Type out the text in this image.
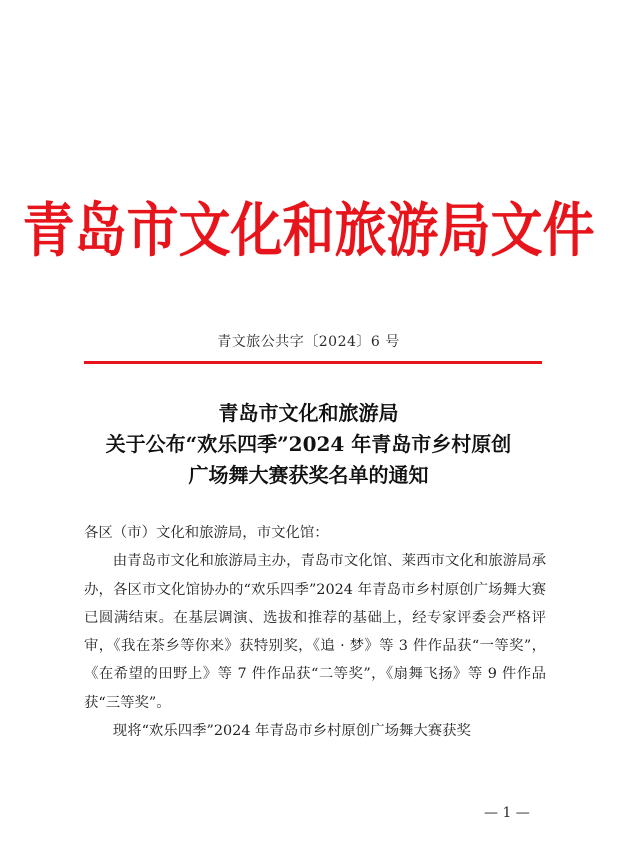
青岛市文化和旅游局文件
青文旅公共字〔2024〕6 号
青岛市文化和旅游局
关于公布“欢乐四季”2024 年青岛市乡村原创
广场舞大赛获奖名单的通知

各区（市）文化和旅游局，市文化馆：

由青岛市文化和旅游局主办，青岛市文化馆、莱西市文化和旅游局承办，各区市文化馆协办的“欢乐四季”2024 年青岛市乡村原创广场舞大赛已圆满结束。在基层调演、选拔和推荐的基础上，经专家评委会严格评审，《我在茶乡等你来》获特别奖，《追 · 梦》等 3 件作品获“一等奖”，《在希望的田野上》等 7 件作品获“二等奖”，《扇舞飞扬》等 9 件作品获“三等奖”。

现将“欢乐四季”2024 年青岛市乡村原创广场舞大赛获奖

— 1 —
